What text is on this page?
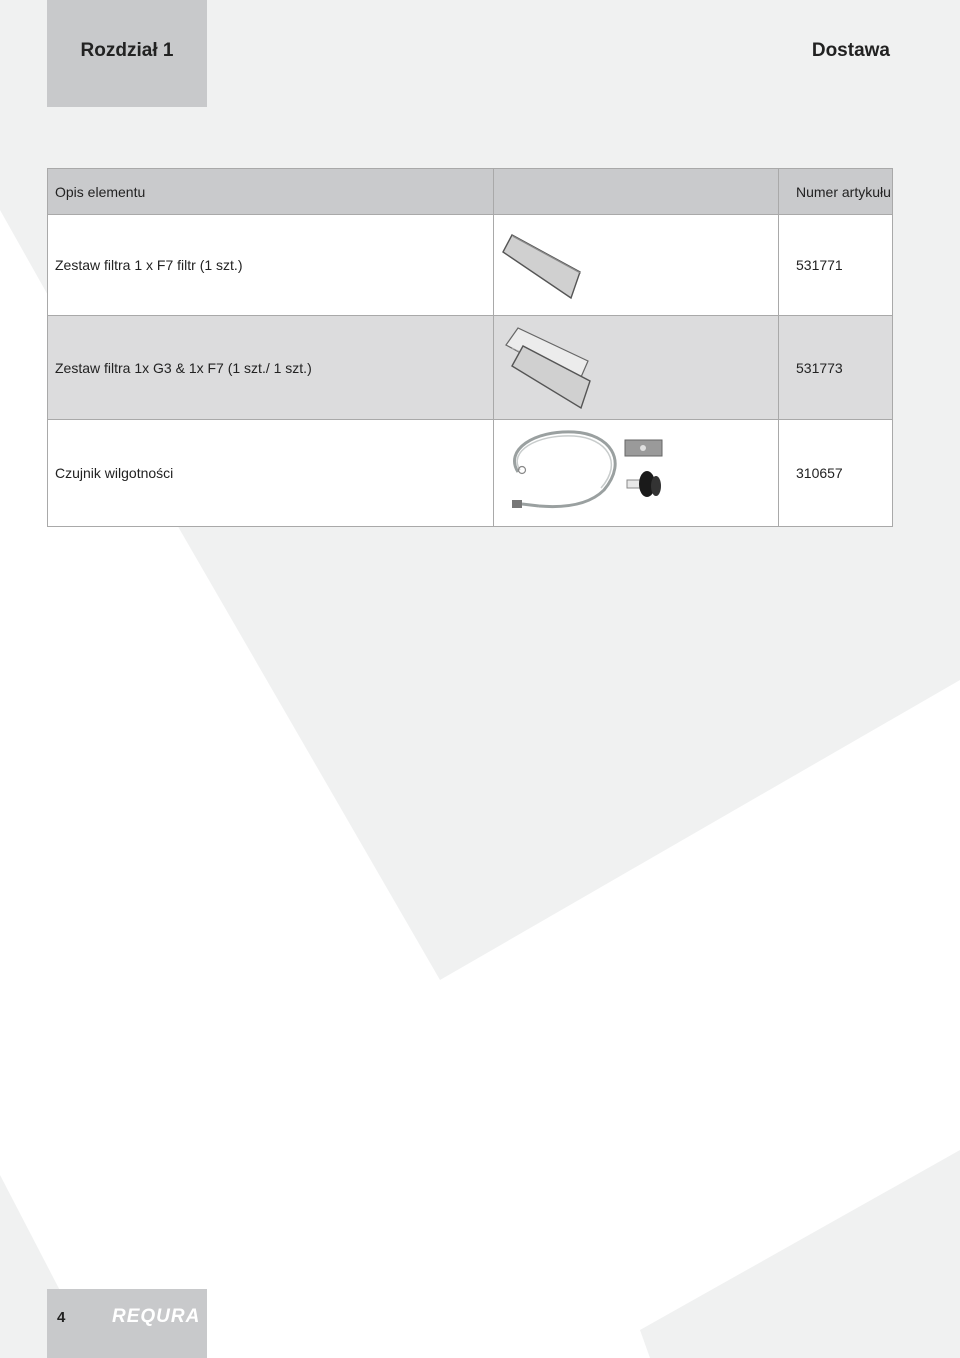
Rozdział 1	Dostawa
Opis elementu		Numer artykułu
Zestaw filtra 1 x F7 filtr (1 szt.)		531771
Zestaw filtra 1x G3 & 1x F7 (1 szt./ 1 szt.)		531773
Czujnik wilgotności		310657
4 REQURA
